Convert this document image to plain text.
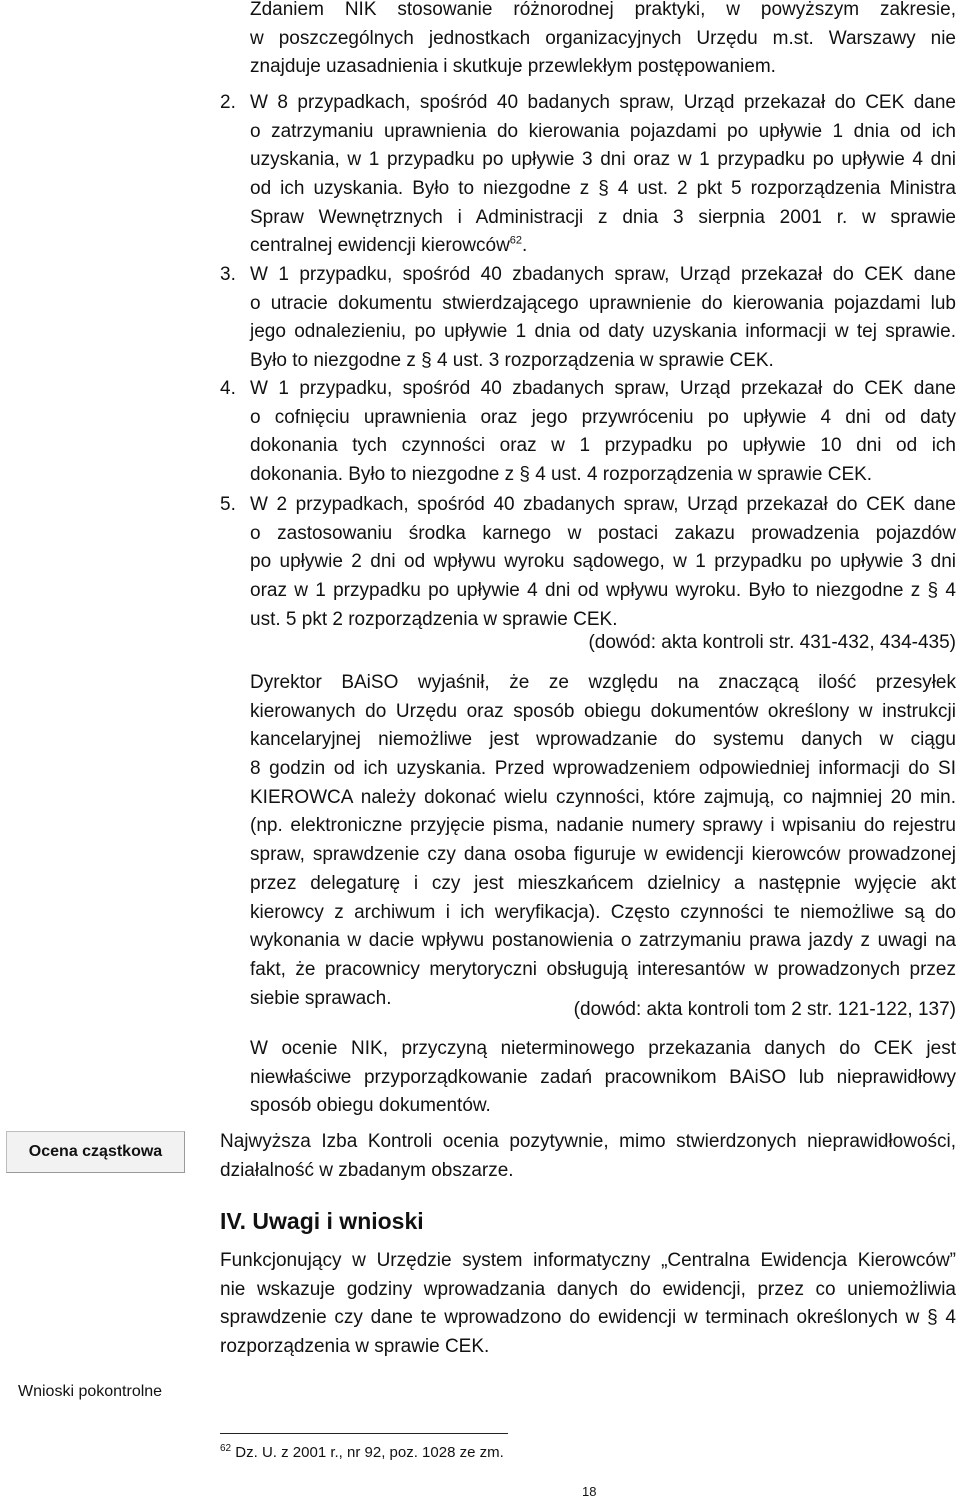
Zdaniem NIK stosowanie różnorodnej praktyki, w powyższym zakresie,
w poszczególnych jednostkach organizacyjnych Urzędu m.st. Warszawy nie
znajduje uzasadnienia i skutkuje przewlekłym postępowaniem.
2. W 8 przypadkach, spośród 40 badanych spraw, Urząd przekazał do CEK dane
o zatrzymaniu uprawnienia do kierowania pojazdami po upływie 1 dnia od ich
uzyskania, w 1 przypadku po upływie 3 dni oraz w 1 przypadku po upływie 4 dni
od ich uzyskania. Było to niezgodne z § 4 ust. 2 pkt 5 rozporządzenia Ministra
Spraw Wewnętrznych i Administracji z dnia 3 sierpnia 2001 r. w sprawie
centralnej ewidencji kierowców$^{62}$.
3. W 1 przypadku, spośród 40 zbadanych spraw, Urząd przekazał do CEK dane
o utracie dokumentu stwierdzającego uprawnienie do kierowania pojazdami lub
jego odnalezieniu, po upływie 1 dnia od daty uzyskania informacji w tej sprawie.
Było to niezgodne z § 4 ust. 3 rozporządzenia w sprawie CEK.
4. W 1 przypadku, spośród 40 zbadanych spraw, Urząd przekazał do CEK dane
o cofnięciu uprawnienia oraz jego przywróceniu po upływie 4 dni od daty
dokonania tych czynności oraz w 1 przypadku po upływie 10 dni od ich
dokonania. Było to niezgodne z § 4 ust. 4 rozporządzenia w sprawie CEK.
5. W 2 przypadkach, spośród 40 zbadanych spraw, Urząd przekazał do CEK dane
o zastosowaniu środka karnego w postaci zakazu prowadzenia pojazdów
po upływie 2 dni od wpływu wyroku sądowego, w 1 przypadku po upływie 3 dni
oraz w 1 przypadku po upływie 4 dni od wpływu wyroku. Było to niezgodne z § 4
ust. 5 pkt 2 rozporządzenia w sprawie CEK.
(dowód: akta kontroli str. 431-432, 434-435)
Dyrektor BAiSO wyjaśnił, że ze względu na znaczącą ilość przesyłek
kierowanych do Urzędu oraz sposób obiegu dokumentów określony w instrukcji
kancelaryjnej niemożliwe jest wprowadzanie do systemu danych w ciągu
8 godzin od ich uzyskania. Przed wprowadzeniem odpowiedniej informacji do SI
KIEROWCA należy dokonać wielu czynności, które zajmują, co najmniej 20 min.
(np. elektroniczne przyjęcie pisma, nadanie numery sprawy i wpisaniu do rejestru
spraw, sprawdzenie czy dana osoba figuruje w ewidencji kierowców prowadzonej
przez delegaturę i czy jest mieszkańcem dzielnicy a następnie wyjęcie akt
kierowcy z archiwum i ich weryfikacja). Często czynności te niemożliwe są do
wykonania w dacie wpływu postanowienia o zatrzymaniu prawa jazdy z uwagi na
fakt, że pracownicy merytoryczni obsługują interesantów w prowadzonych przez
siebie sprawach.
(dowód: akta kontroli tom 2 str. 121-122, 137)
W ocenie NIK, przyczyną nieterminowego przekazania danych do CEK jest
niewłaściwe przyporządkowanie zadań pracownikom BAiSO lub nieprawidłowy
sposób obiegu dokumentów.
Ocena cząstkowa	Najwyższa Izba Kontroli ocenia pozytywnie, mimo stwierdzonych nieprawidłowości,
działalność w zbadanym obszarze.
IV. Uwagi i wnioski
Funkcjonujący w Urzędzie system informatyczny „Centralna Ewidencja Kierowców”
nie wskazuje godziny wprowadzania danych do ewidencji, przez co uniemożliwia
sprawdzenie czy dane te wprowadzono do ewidencji w terminach określonych w § 4
rozporządzenia w sprawie CEK.
Wnioski pokontrolne
$^{62}$ Dz. U. z 2001 r., nr 92, poz. 1028 ze zm.
18
